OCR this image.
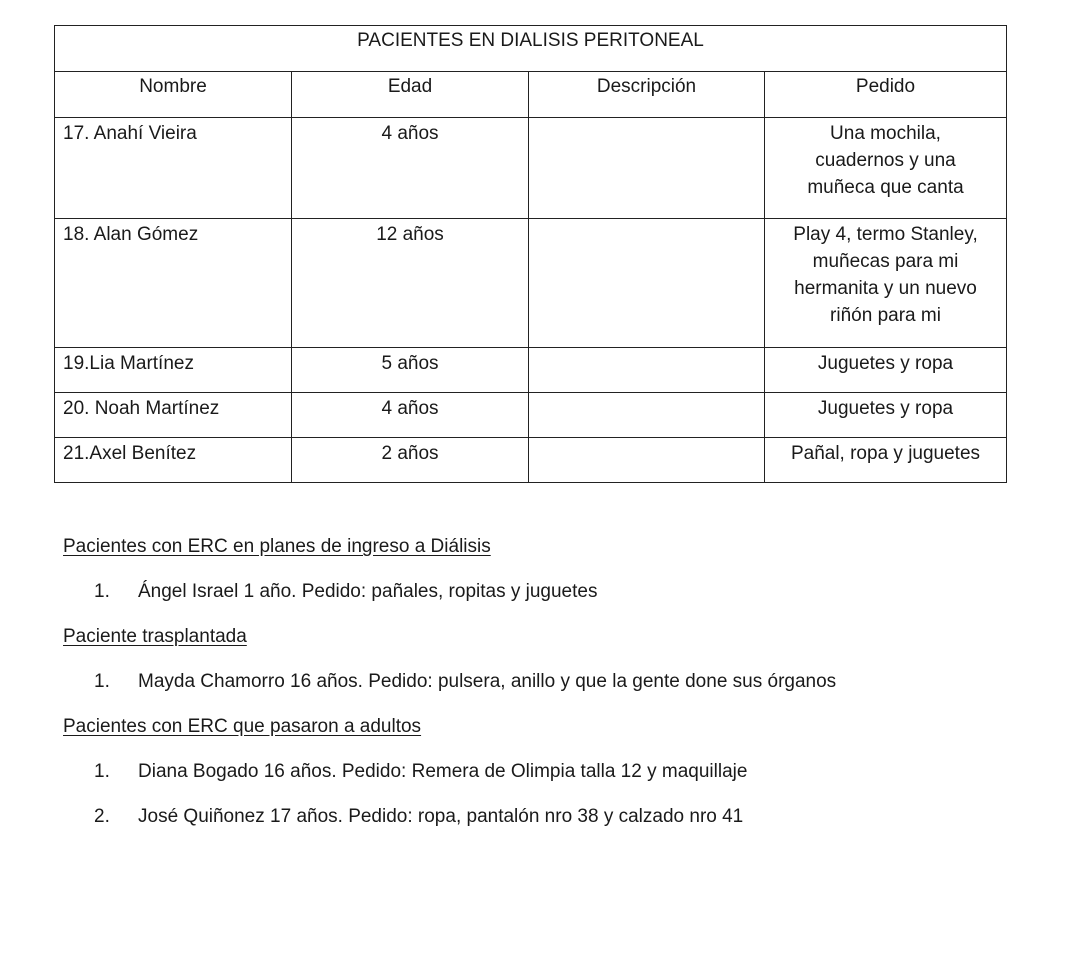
PACIENTES EN DIALISIS PERITONEAL			
Nombre	Edad	Descripción	Pedido
17. Anahí Vieira	4 años		Una mochila,
cuadernos y una
muñeca que canta

18. Alan Gómez	12 años		Play 4, termo Stanley,
muñecas para mi
hermanita y un nuevo
riñón para mi

19.Lia Martínez	5 años		Juguetes y ropa

20. Noah Martínez	4 años		Juguetes y ropa

21.Axel Benítez	2 años		Pañal, ropa y juguetes
Pacientes con ERC en planes de ingreso a Diálisis
1. Ángel Israel 1 año. Pedido: pañales, ropitas y juguetes
Paciente trasplantada
1. Mayda Chamorro 16 años. Pedido: pulsera, anillo y que la gente done sus órganos
Pacientes con ERC que pasaron a adultos
1. Diana Bogado 16 años. Pedido: Remera de Olimpia talla 12 y maquillaje
2. José Quiñonez 17 años. Pedido: ropa, pantalón nro 38 y calzado nro 41
